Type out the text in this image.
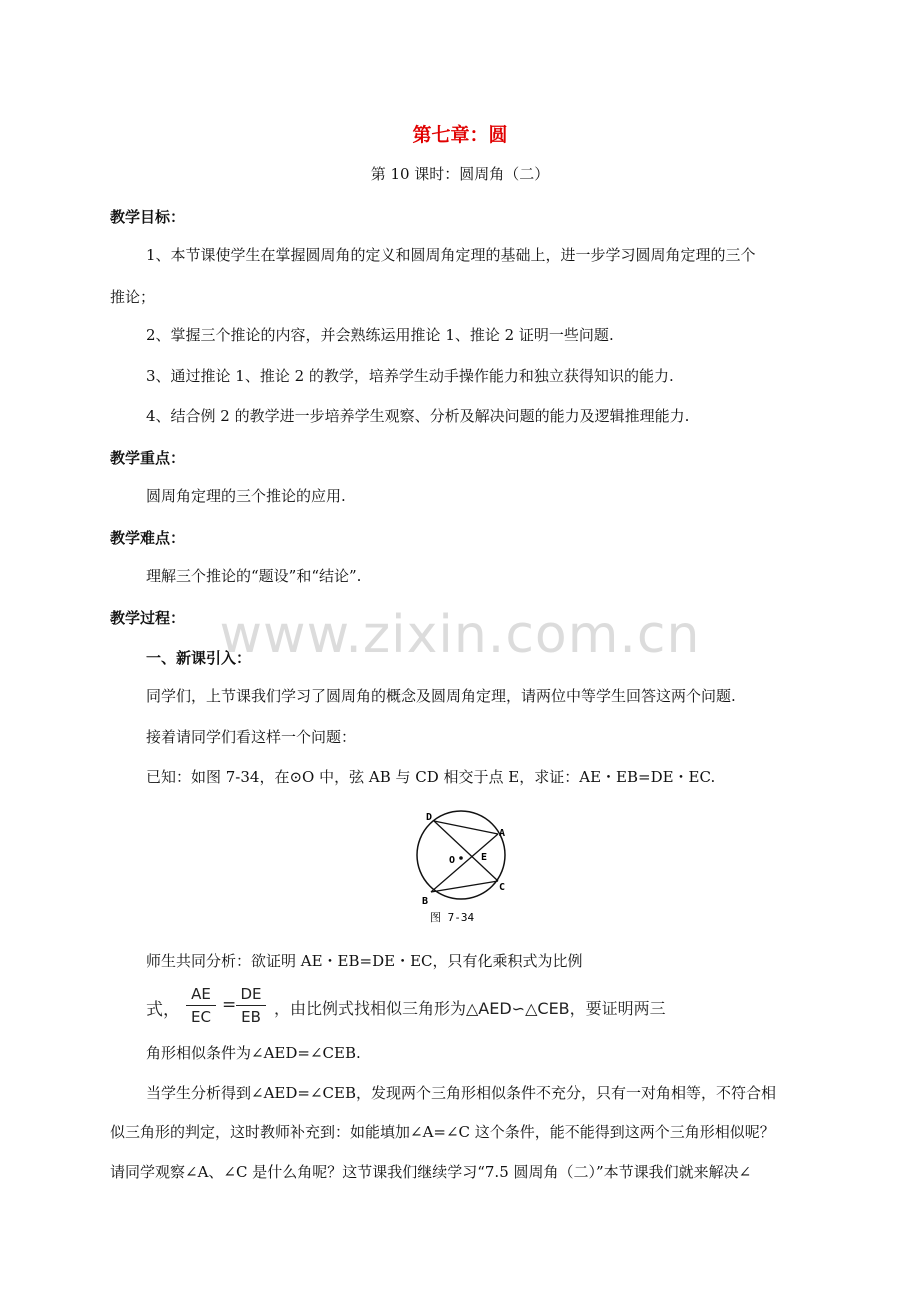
第七章：圆
第 10 课时：圆周角（二）
教学目标：
1、本节课使学生在掌握圆周角的定义和圆周角定理的基础上，进一步学习圆周角定理的三个
推论；
2、掌握三个推论的内容，并会熟练运用推论 1、推论 2 证明一些问题.
3、通过推论 1、推论 2 的教学，培养学生动手操作能力和独立获得知识的能力.
4、结合例 2 的教学进一步培养学生观察、分析及解决问题的能力及逻辑推理能力.
教学重点：
圆周角定理的三个推论的应用.
教学难点：
理解三个推论的“题设”和“结论”.
教学过程： www.zixin.com.cn
一、新课引入：
同学们，上节课我们学习了圆周角的概念及圆周角定理，请两位中等学生回答这两个问题.
接着请同学们看这样一个问题：
已知：如图 7-34，在⊙O 中，弦 AB 与 CD 相交于点 E，求证：AE・EB=DE・EC.
D
A
O	E
B
C
图 7-34
师生共同分析：欲证明 AE・EB=DE・EC，只有化乘积式为比例
式，
AE
EC
=
DE
EB ，由比例式找相似三角形为△AED∽△CEB，要证明两三
角形相似条件为∠AED=∠CEB.
当学生分析得到∠AED=∠CEB，发现两个三角形相似条件不充分，只有一对角相等，不符合相
似三角形的判定，这时教师补充到：如能填加∠A=∠C 这个条件，能不能得到这两个三角形相似呢？
请同学观察∠A、∠C 是什么角呢？这节课我们继续学习“7.5 圆周角（二）”本节课我们就来解决∠
